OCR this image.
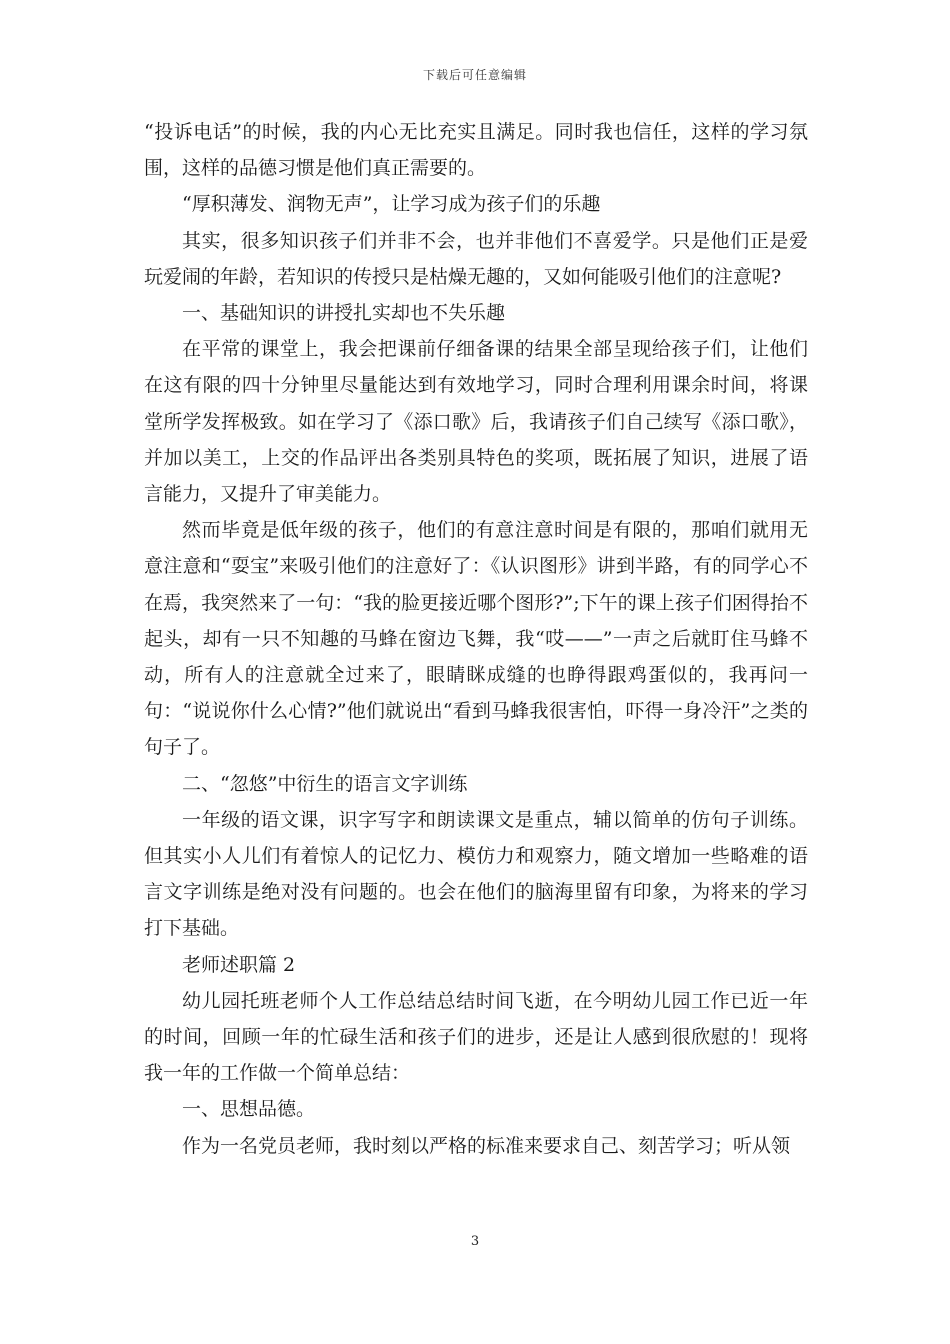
下载后可任意编辑

“投诉电话”的时候，我的内心无比充实且满足。同时我也信任，这样的学习氛围，这样的品德习惯是他们真正需要的。

“厚积薄发、润物无声”，让学习成为孩子们的乐趣

其实，很多知识孩子们并非不会，也并非他们不喜爱学。只是他们正是爱玩爱闹的年龄，若知识的传授只是枯燥无趣的，又如何能吸引他们的注意呢?

一、基础知识的讲授扎实却也不失乐趣

在平常的课堂上，我会把课前仔细备课的结果全部呈现给孩子们，让他们在这有限的四十分钟里尽量能达到有效地学习，同时合理利用课余时间，将课堂所学发挥极致。如在学习了《添口歌》后，我请孩子们自己续写《添口歌》，并加以美工，上交的作品评出各类别具特色的奖项，既拓展了知识，进展了语言能力，又提升了审美能力。

然而毕竟是低年级的孩子，他们的有意注意时间是有限的，那咱们就用无意注意和“耍宝”来吸引他们的注意好了：《认识图形》讲到半路，有的同学心不在焉，我突然来了一句：“我的脸更接近哪个图形?”;下午的课上孩子们困得抬不起头，却有一只不知趣的马蜂在窗边飞舞，我“哎——”一声之后就盯住马蜂不动，所有人的注意就全过来了，眼睛眯成缝的也睁得跟鸡蛋似的，我再问一句：“说说你什么心情?”他们就说出“看到马蜂我很害怕，吓得一身冷汗”之类的句子了。

二、“忽悠”中衍生的语言文字训练

一年级的语文课，识字写字和朗读课文是重点，辅以简单的仿句子训练。但其实小人儿们有着惊人的记忆力、模仿力和观察力，随文增加一些略难的语言文字训练是绝对没有问题的。也会在他们的脑海里留有印象，为将来的学习打下基础。

老师述职篇 2

幼儿园托班老师个人工作总结总结时间飞逝，在今明幼儿园工作已近一年的时间，回顾一年的忙碌生活和孩子们的进步，还是让人感到很欣慰的！现将我一年的工作做一个简单总结：

一、思想品德。

作为一名党员老师，我时刻以严格的标准来要求自己、刻苦学习；听从领

3
